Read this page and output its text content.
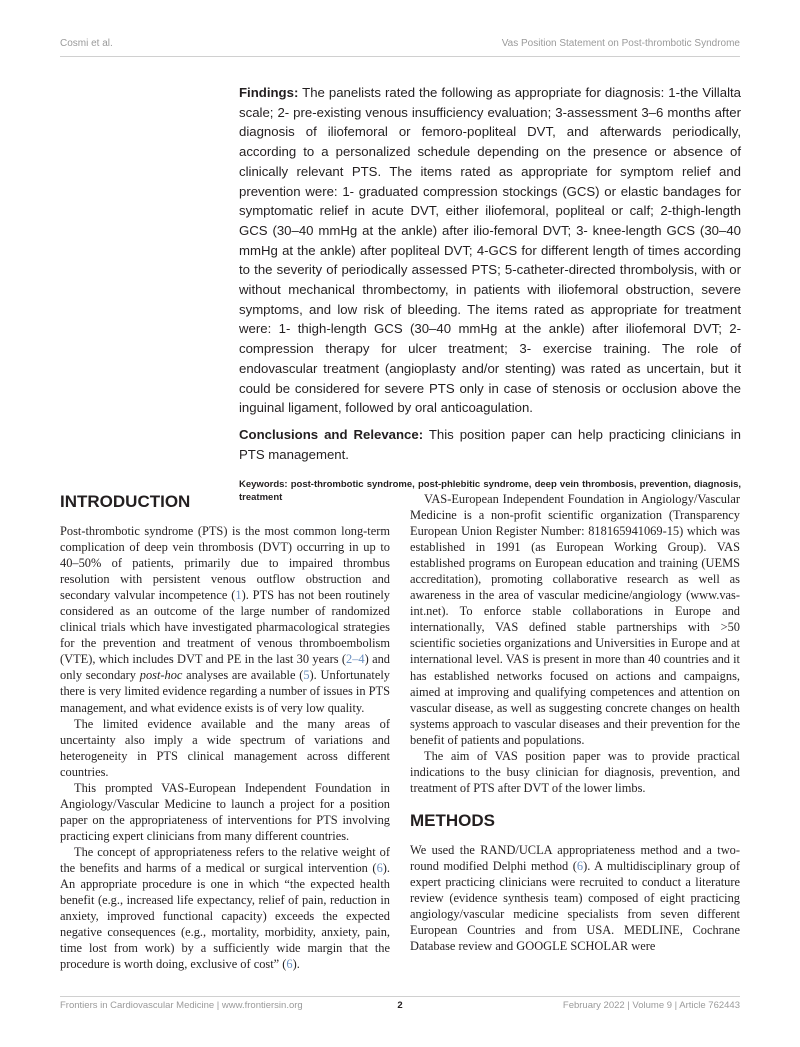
Cosmi et al.	Vas Position Statement on Post-thrombotic Syndrome

Findings: The panelists rated the following as appropriate for diagnosis: 1-the Villalta scale; 2- pre-existing venous insufficiency evaluation; 3-assessment 3–6 months after diagnosis of iliofemoral or femoro-popliteal DVT, and afterwards periodically, according to a personalized schedule depending on the presence or absence of clinically relevant PTS. The items rated as appropriate for symptom relief and prevention were: 1- graduated compression stockings (GCS) or elastic bandages for symptomatic relief in acute DVT, either iliofemoral, popliteal or calf; 2-thigh-length GCS (30–40 mmHg at the ankle) after ilio-femoral DVT; 3- knee-length GCS (30–40 mmHg at the ankle) after popliteal DVT; 4-GCS for different length of times according to the severity of periodically assessed PTS; 5-catheter-directed thrombolysis, with or without mechanical thrombectomy, in patients with iliofemoral obstruction, severe symptoms, and low risk of bleeding. The items rated as appropriate for treatment were: 1- thigh-length GCS (30–40 mmHg at the ankle) after iliofemoral DVT; 2-compression therapy for ulcer treatment; 3- exercise training. The role of endovascular treatment (angioplasty and/or stenting) was rated as uncertain, but it could be considered for severe PTS only in case of stenosis or occlusion above the inguinal ligament, followed by oral anticoagulation.

Conclusions and Relevance: This position paper can help practicing clinicians in PTS management.

Keywords: post-thrombotic syndrome, post-phlebitic syndrome, deep vein thrombosis, prevention, diagnosis, treatment

INTRODUCTION

Post-thrombotic syndrome (PTS) is the most common long-term complication of deep vein thrombosis (DVT) occurring in up to 40–50% of patients, primarily due to impaired thrombus resolution with persistent venous outflow obstruction and secondary valvular incompetence (1). PTS has not been routinely considered as an outcome of the large number of randomized clinical trials which have investigated pharmacological strategies for the prevention and treatment of venous thromboembolism (VTE), which includes DVT and PE in the last 30 years (2–4) and only secondary post-hoc analyses are available (5). Unfortunately there is very limited evidence regarding a number of issues in PTS management, and what evidence exists is of very low quality.

The limited evidence available and the many areas of uncertainty also imply a wide spectrum of variations and heterogeneity in PTS clinical management across different countries.

This prompted VAS-European Independent Foundation in Angiology/Vascular Medicine to launch a project for a position paper on the appropriateness of interventions for PTS involving practicing expert clinicians from many different countries.

The concept of appropriateness refers to the relative weight of the benefits and harms of a medical or surgical intervention (6). An appropriate procedure is one in which “the expected health benefit (e.g., increased life expectancy, relief of pain, reduction in anxiety, improved functional capacity) exceeds the expected negative consequences (e.g., mortality, morbidity, anxiety, pain, time lost from work) by a sufficiently wide margin that the procedure is worth doing, exclusive of cost” (6).

VAS-European Independent Foundation in Angiology/Vascular Medicine is a non-profit scientific organization (Transparency European Union Register Number: 818165941069-15) which was established in 1991 (as European Working Group). VAS established programs on European education and training (UEMS accreditation), promoting collaborative research as well as awareness in the area of vascular medicine/angiology (www.vas-int.net). To enforce stable collaborations in Europe and internationally, VAS defined stable partnerships with >50 scientific societies organizations and Universities in Europe and at international level. VAS is present in more than 40 countries and it has established networks focused on actions and campaigns, aimed at improving and qualifying competences and attention on vascular disease, as well as suggesting concrete changes on health systems approach to vascular diseases and their prevention for the benefit of patients and populations.

The aim of VAS position paper was to provide practical indications to the busy clinician for diagnosis, prevention, and treatment of PTS after DVT of the lower limbs.

METHODS

We used the RAND/UCLA appropriateness method and a two-round modified Delphi method (6). A multidisciplinary group of expert practicing clinicians were recruited to conduct a literature review (evidence synthesis team) composed of eight practicing angiology/vascular medicine specialists from seven different European Countries and from USA. MEDLINE, Cochrane Database review and GOOGLE SCHOLAR were

Frontiers in Cardiovascular Medicine | www.frontiersin.org	2	February 2022 | Volume 9 | Article 762443
